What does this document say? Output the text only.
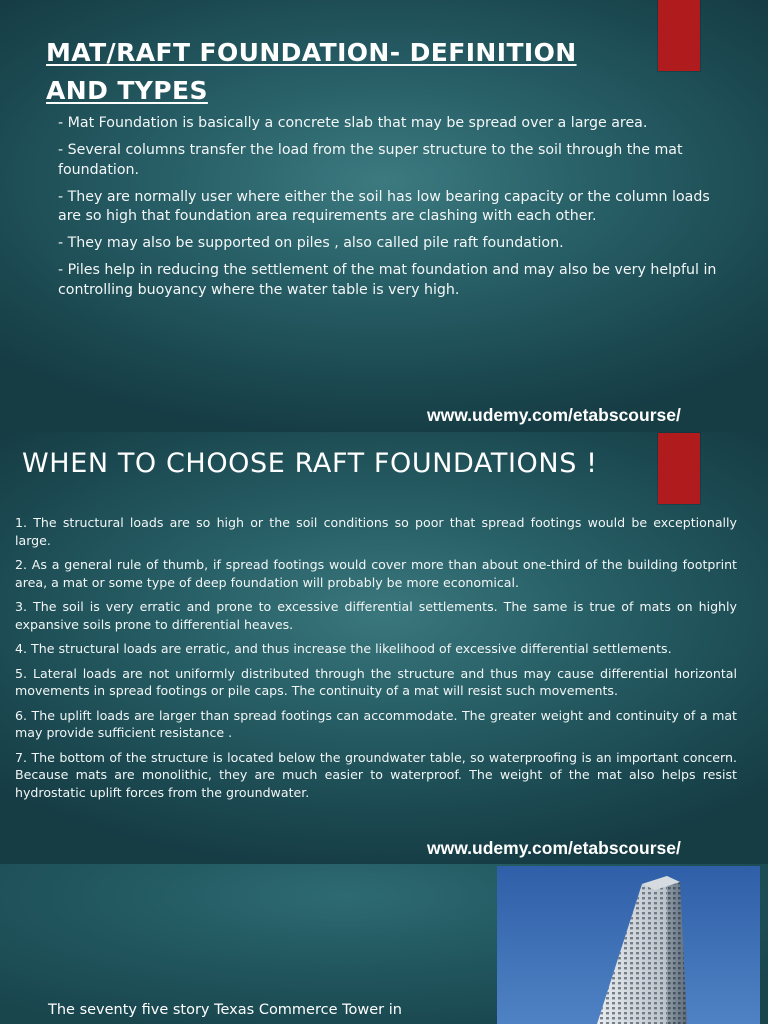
MAT/RAFT FOUNDATION- DEFINITION AND TYPES
- Mat Foundation is basically a concrete slab that may be spread over a large area.
- Several columns transfer the load from the super structure to the soil through the mat foundation.
- They are normally user where either the soil has low bearing capacity or the column loads are so high that foundation area requirements are clashing with each other.
- They may also be supported on piles , also called pile raft foundation.
- Piles help in reducing the settlement of the mat foundation and may also be very helpful in controlling buoyancy where the water table is very high.
www.udemy.com/etabscourse/
WHEN TO CHOOSE RAFT FOUNDATIONS !
1. The structural loads are so high or the soil conditions so poor that spread footings would be exceptionally large.
2. As a general rule of thumb, if spread footings would cover more than about one-third of the building footprint area, a mat or some type of deep foundation will probably be more economical.
3. The soil is very erratic and prone to excessive differential settlements. The same is true of mats on highly expansive soils prone to differential heaves.
4. The structural loads are erratic, and thus increase the likelihood of excessive differential settlements.
5. Lateral loads are not uniformly distributed through the structure and thus may cause differential horizontal movements in spread footings or pile caps. The continuity of a mat will resist such movements.
6. The uplift loads are larger than spread footings can accommodate. The greater weight and continuity of a mat may provide sufficient resistance .
7. The bottom of the structure is located below the groundwater table, so waterproofing is an important concern. Because mats are monolithic, they are much easier to waterproof. The weight of the mat also helps resist hydrostatic uplift forces from the groundwater.
www.udemy.com/etabscourse/
The seventy five story Texas Commerce Tower in
